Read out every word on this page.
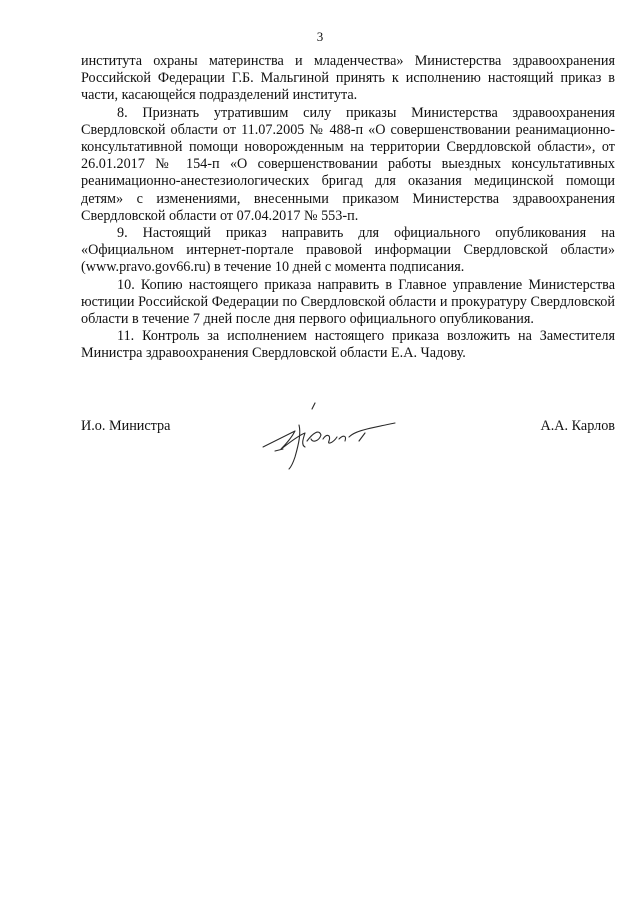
3

института охраны материнства и младенчества» Министерства здравоохранения Российской Федерации Г.Б. Мальгиной принять к исполнению настоящий приказ в части, касающейся подразделений института.

8. Признать утратившим силу приказы Министерства здравоохранения Свердловской области от 11.07.2005 № 488-п «О совершенствовании реанимационно-консультативной помощи новорожденным на территории Свердловской области», от 26.01.2017 № 154-п «О совершенствовании работы выездных консультативных реанимационно-анестезиологических бригад для оказания медицинской помощи детям» с изменениями, внесенными приказом Министерства здравоохранения Свердловской области от 07.04.2017 № 553-п.

9. Настоящий приказ направить для официального опубликования на «Официальном интернет-портале правовой информации Свердловской области» (www.pravo.gov66.ru) в течение 10 дней с момента подписания.

10. Копию настоящего приказа направить в Главное управление Министерства юстиции Российской Федерации по Свердловской области и прокуратуру Свердловской области в течение 7 дней после дня первого официального опубликования.

11. Контроль за исполнением настоящего приказа возложить на Заместителя Министра здравоохранения Свердловской области Е.А. Чадову.

И.о. Министра	А.А. Карлов
